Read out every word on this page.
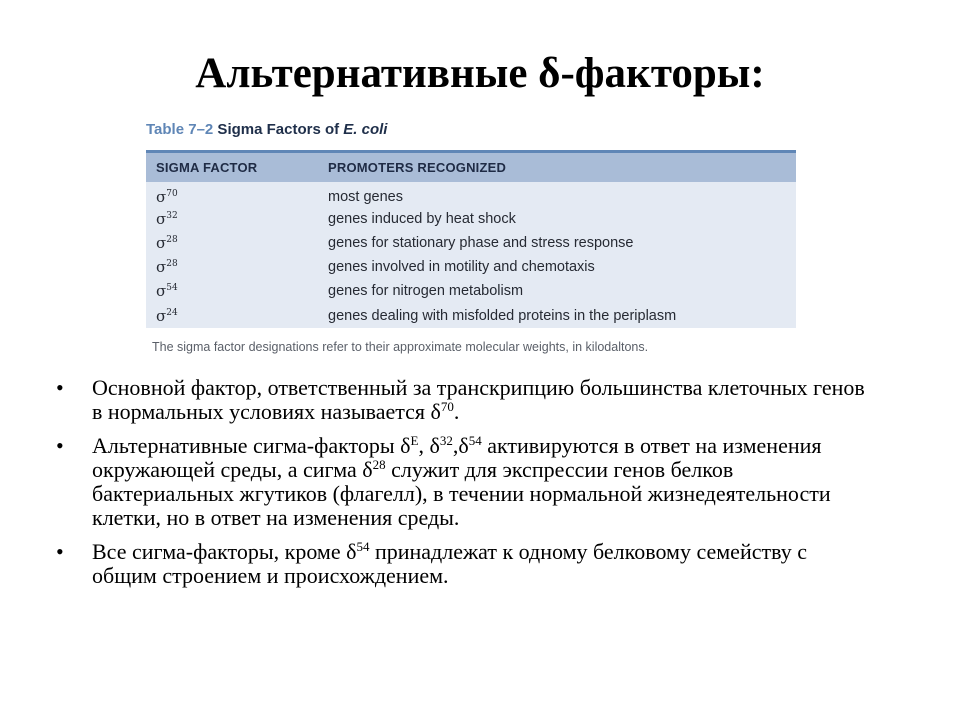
Альтернативные δ-факторы:
Table 7–2 Sigma Factors of E. coli
SIGMA FACTOR	PROMOTERS RECOGNIZED
$\sigma^{70}$	most genes
$\sigma^{32}$	genes induced by heat shock
$\sigma^{28}$	genes for stationary phase and stress response
$\sigma^{28}$	genes involved in motility and chemotaxis
$\sigma^{54}$	genes for nitrogen metabolism
$\sigma^{24}$	genes dealing with misfolded proteins in the periplasm
The sigma factor designations refer to their approximate molecular weights, in kilodaltons.
•	Основной фактор, ответственный за транскрипцию большинства клеточных генов в нормальных условиях называется $\delta^{70}$.
•	Альтернативные сигма-факторы $\delta^E$, $\delta^{32},\delta^{54}$ активируются в ответ на изменения окружающей среды, а сигма $\delta^{28}$ служит для экспрессии генов белков бактериальных жгутиков (флагелл), в течении нормальной жизнедеятельности клетки, но в ответ на изменения среды.
•	Все сигма-факторы, кроме $\delta^{54}$ принадлежат к одному белковому семейству с общим строением и происхождением.
